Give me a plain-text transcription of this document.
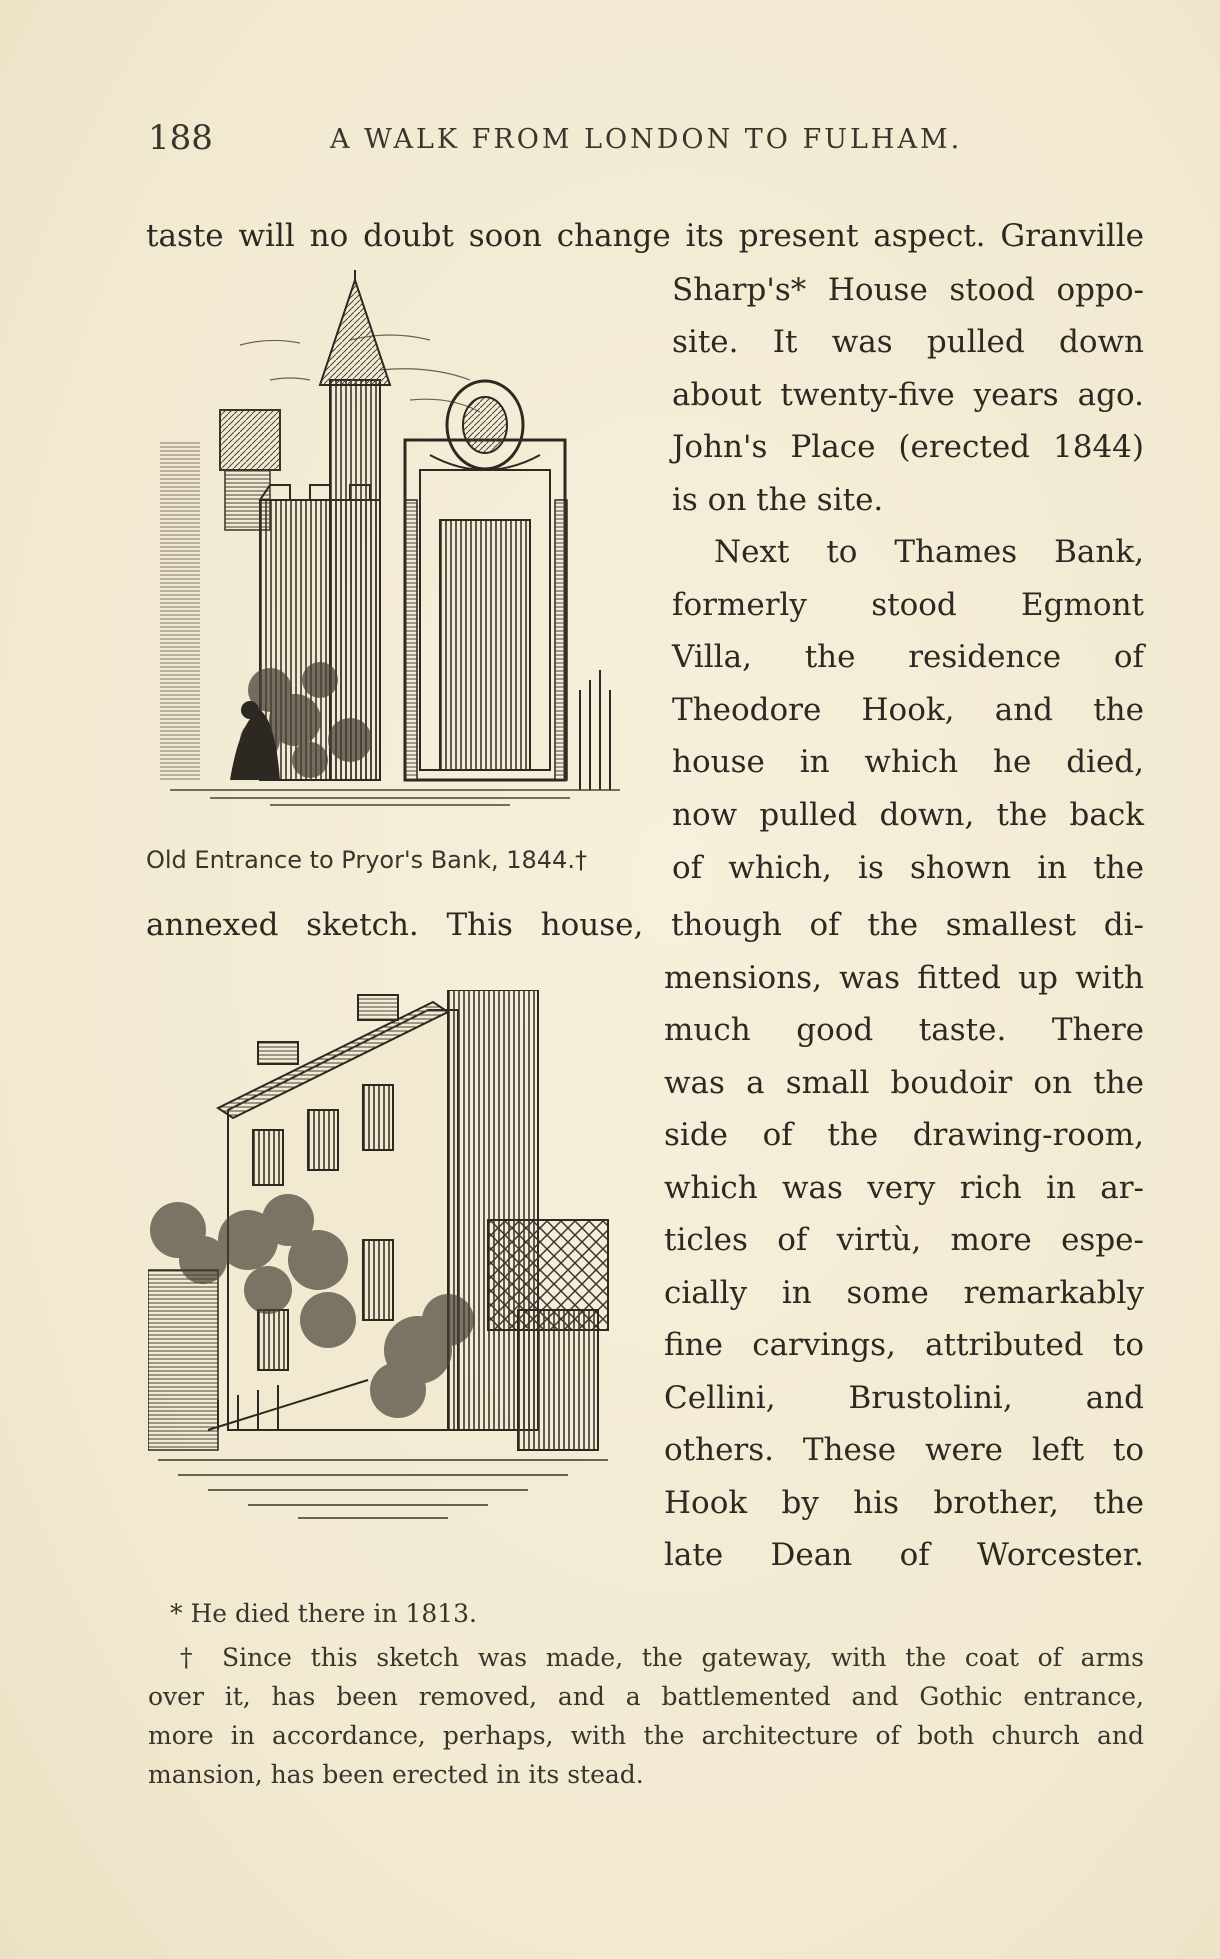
188	A WALK FROM LONDON TO FULHAM.
taste will no doubt soon change its present aspect. Granville
Sharp's* House stood oppo-
site. It was pulled down
about twenty-five years ago.
John's Place (erected 1844)
is on the site.
Next to Thames Bank,
formerly stood Egmont
Villa, the residence of
Theodore Hook, and the
house in which he died,
now pulled down, the back
of which, is shown in the
annexed sketch. This house, though of the smallest di-
mensions, was fitted up with
much good taste. There
was a small boudoir on the
side of the drawing-room,
which was very rich in ar-
ticles of virtù, more espe-
cially in some remarkably
fine carvings, attributed to
Cellini, Brustolini, and
others. These were left to
Hook by his brother, the
late Dean of Worcester.
Old Entrance to Pryor's Bank, 1844.†
* He died there in 1813.
† Since this sketch was made, the gateway, with the coat of arms
over it, has been removed, and a battlemented and Gothic entrance,
more in accordance, perhaps, with the architecture of both church and
mansion, has been erected in its stead.
